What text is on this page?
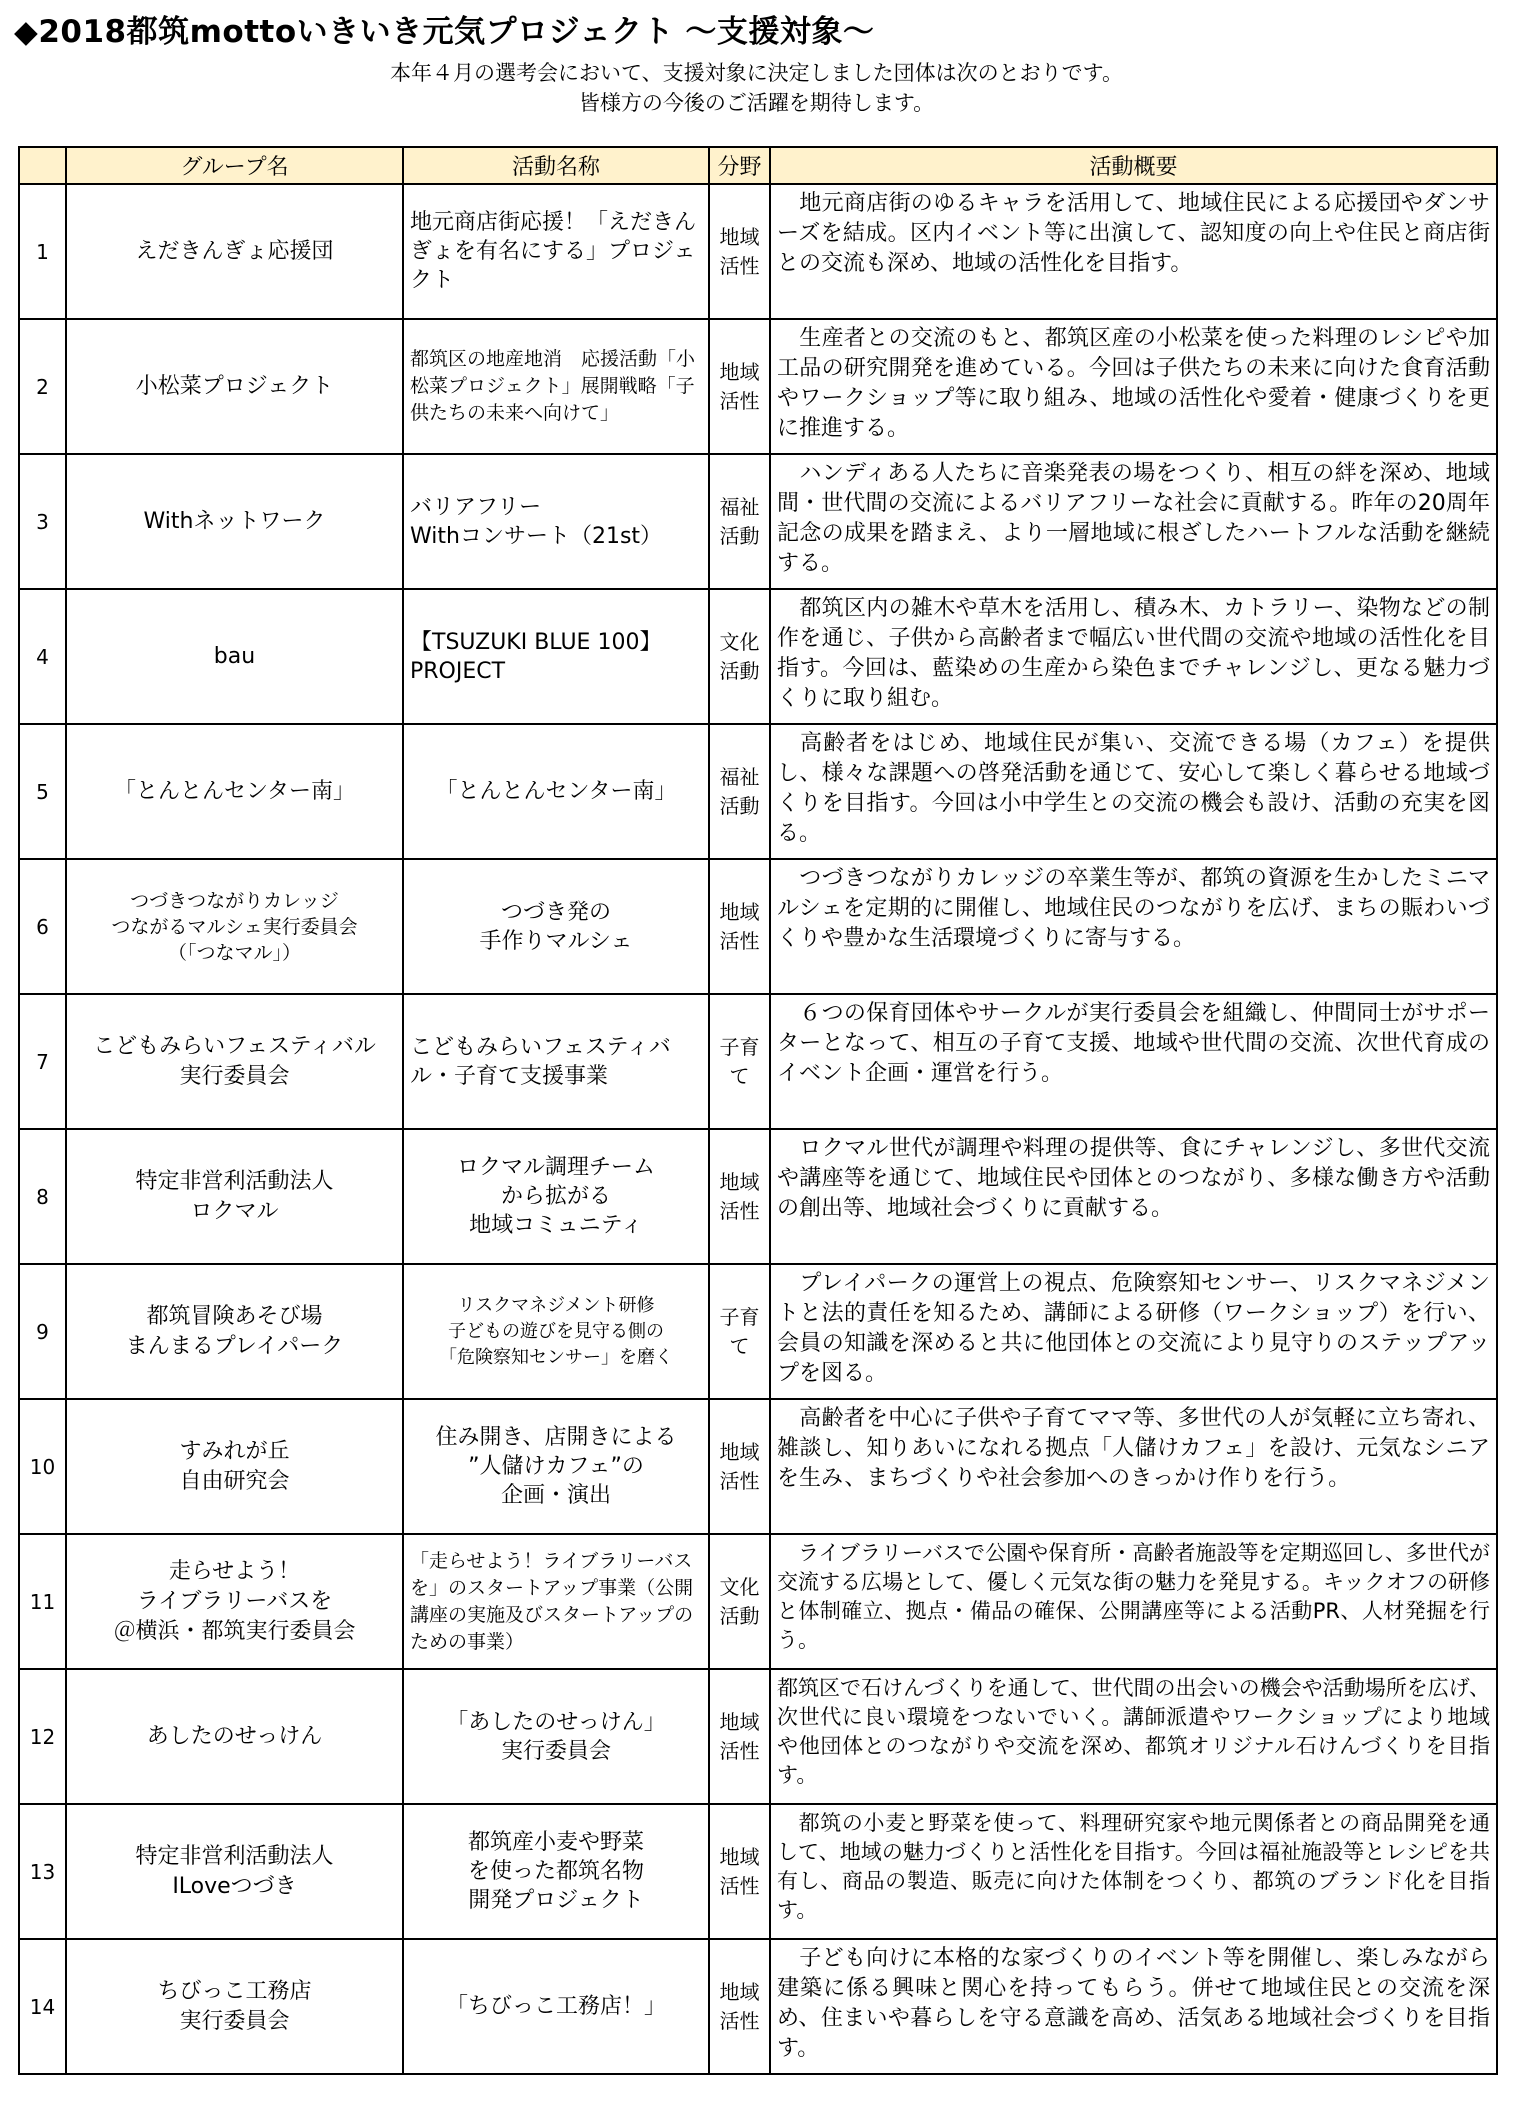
◆2018都筑mottoいきいき元気プロジェクト ～支援対象～
本年４月の選考会において、支援対象に決定しました団体は次のとおりです。
皆様方の今後のご活躍を期待します。
	グループ名	活動名称	分野	活動概要
1	えだきんぎょ応援団	地元商店街応援！「えだきんぎょを有名にする」プロジェクト	地域
活性	　地元商店街のゆるキャラを活用して、地域住民による応援団やダンサーズを結成。区内イベント等に出演して、認知度の向上や住民と商店街との交流も深め、地域の活性化を目指す。
2	小松菜プロジェクト	都筑区の地産地消　応援活動「小松菜プロジェクト」展開戦略「子供たちの未来へ向けて」	地域
活性	　生産者との交流のもと、都筑区産の小松菜を使った料理のレシピや加工品の研究開発を進めている。今回は子供たちの未来に向けた食育活動やワークショップ等に取り組み、地域の活性化や愛着・健康づくりを更に推進する。
3	Withネットワーク	バリアフリー
Withコンサート（21st）	福祉
活動	　ハンディある人たちに音楽発表の場をつくり、相互の絆を深め、地域間・世代間の交流によるバリアフリーな社会に貢献する。昨年の20周年記念の成果を踏まえ、より一層地域に根ざしたハートフルな活動を継続する。
4	bau	【TSUZUKI BLUE 100】
PROJECT	文化
活動	　都筑区内の雑木や草木を活用し、積み木、カトラリー、染物などの制作を通じ、子供から高齢者まで幅広い世代間の交流や地域の活性化を目指す。今回は、藍染めの生産から染色までチャレンジし、更なる魅力づくりに取り組む。
5	「とんとんセンター南」	「とんとんセンター南」	福祉
活動	　高齢者をはじめ、地域住民が集い、交流できる場（カフェ）を提供し、様々な課題への啓発活動を通じて、安心して楽しく暮らせる地域づくりを目指す。今回は小中学生との交流の機会も設け、活動の充実を図る。
6	つづきつながりカレッジ
つながるマルシェ実行委員会
（「つなマル」）	つづき発の
手作りマルシェ	地域
活性	　つづきつながりカレッジの卒業生等が、都筑の資源を生かしたミニマルシェを定期的に開催し、地域住民のつながりを広げ、まちの賑わいづくりや豊かな生活環境づくりに寄与する。
7	こどもみらいフェスティバル
実行委員会	こどもみらいフェスティバル・子育て支援事業	子育
て	　６つの保育団体やサークルが実行委員会を組織し、仲間同士がサポーターとなって、相互の子育て支援、地域や世代間の交流、次世代育成のイベント企画・運営を行う。
8	特定非営利活動法人
ロクマル	ロクマル調理チーム
から拡がる
地域コミュニティ	地域
活性	　ロクマル世代が調理や料理の提供等、食にチャレンジし、多世代交流や講座等を通じて、地域住民や団体とのつながり、多様な働き方や活動の創出等、地域社会づくりに貢献する。
9	都筑冒険あそび場
まんまるプレイパーク	リスクマネジメント研修
子どもの遊びを見守る側の
「危険察知センサー」を磨く	子育
て	　プレイパークの運営上の視点、危険察知センサー、リスクマネジメントと法的責任を知るため、講師による研修（ワークショップ）を行い、会員の知識を深めると共に他団体との交流により見守りのステップアップを図る。
10	すみれが丘
自由研究会	住み開き、店開きによる
”人儲けカフェ”の
企画・演出	地域
活性	　高齢者を中心に子供や子育てママ等、多世代の人が気軽に立ち寄れ、雑談し、知りあいになれる拠点「人儲けカフェ」を設け、元気なシニアを生み、まちづくりや社会参加へのきっかけ作りを行う。
11	走らせよう！
ライブラリーバスを
＠横浜・都筑実行委員会	「走らせよう！ライブラリーバスを」のスタートアップ事業（公開講座の実施及びスタートアップのための事業）	文化
活動	　ライブラリーバスで公園や保育所・高齢者施設等を定期巡回し、多世代が交流する広場として、優しく元気な街の魅力を発見する。キックオフの研修と体制確立、拠点・備品の確保、公開講座等による活動PR、人材発掘を行う。
12	あしたのせっけん	「あしたのせっけん」
実行委員会	地域
活性	都筑区で石けんづくりを通して、世代間の出会いの機会や活動場所を広げ、次世代に良い環境をつないでいく。講師派遣やワークショップにより地域や他団体とのつながりや交流を深め、都筑オリジナル石けんづくりを目指す。
13	特定非営利活動法人
ILoveつづき	都筑産小麦や野菜
を使った都筑名物
開発プロジェクト	地域
活性	　都筑の小麦と野菜を使って、料理研究家や地元関係者との商品開発を通して、地域の魅力づくりと活性化を目指す。今回は福祉施設等とレシピを共有し、商品の製造、販売に向けた体制をつくり、都筑のブランド化を目指す。
14	ちびっこ工務店
実行委員会	「ちびっこ工務店！」	地域
活性	　子ども向けに本格的な家づくりのイベント等を開催し、楽しみながら建築に係る興味と関心を持ってもらう。併せて地域住民との交流を深め、住まいや暮らしを守る意識を高め、活気ある地域社会づくりを目指す。
